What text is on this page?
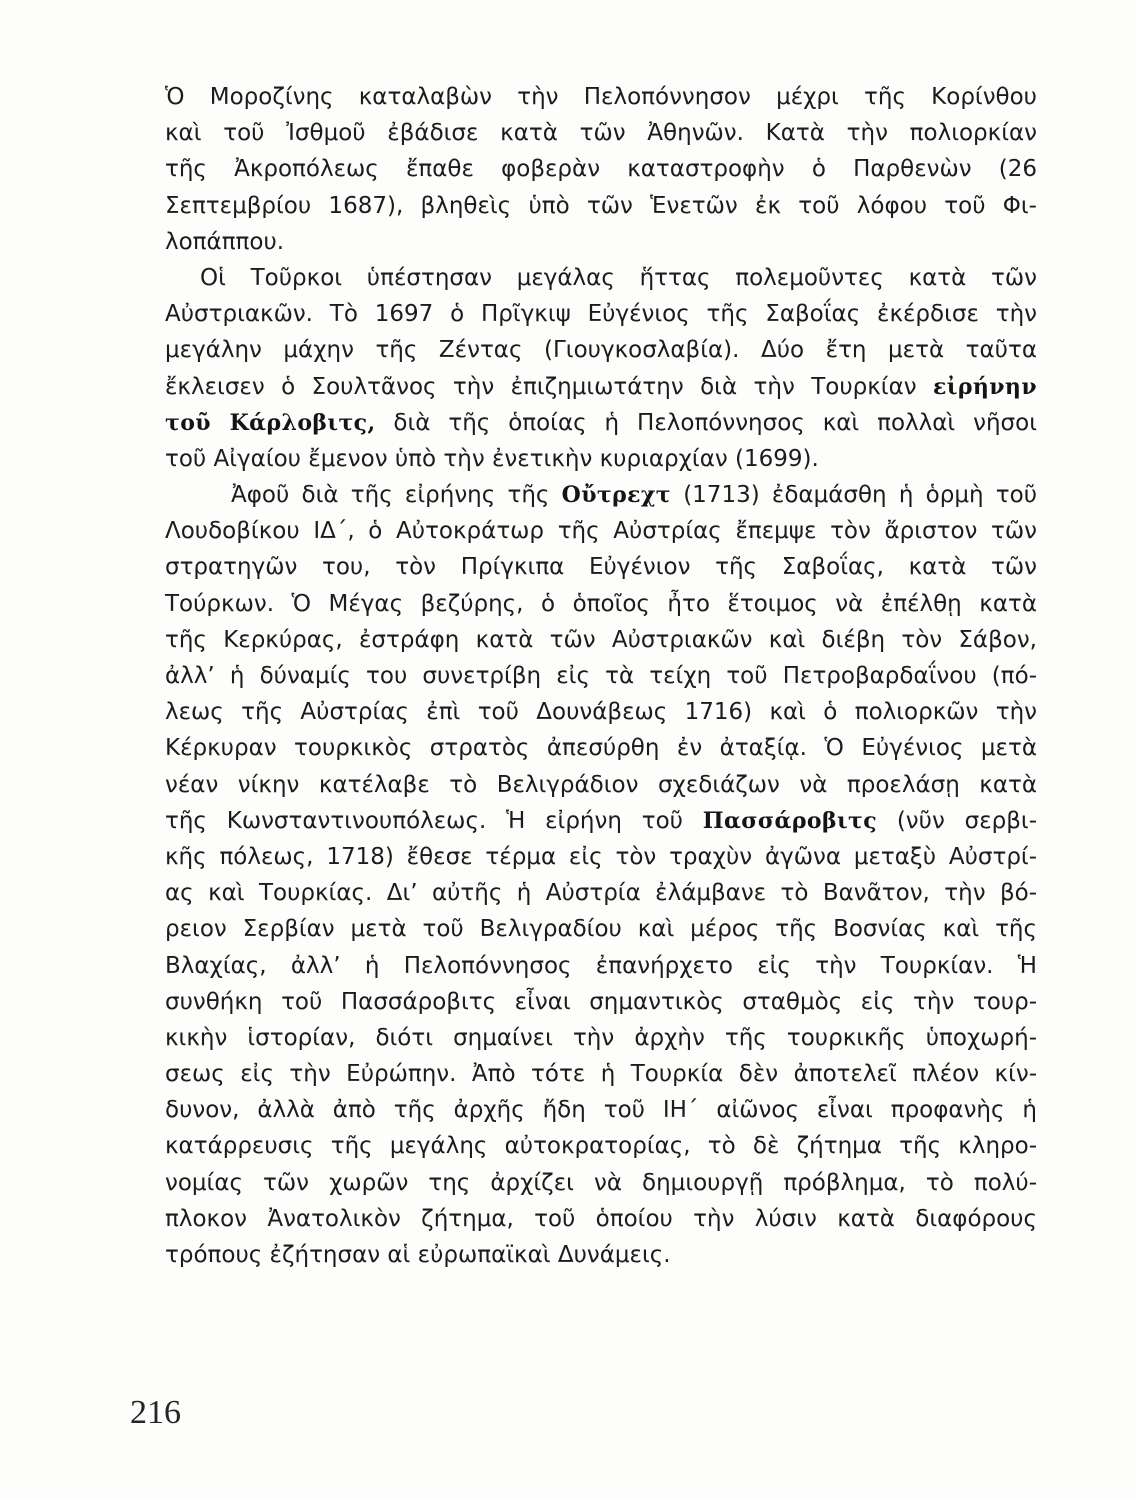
Ὁ Μοροζίνης καταλαβὼν τὴν Πελοπόννησον μέχρι τῆς Κορίνθου
καὶ τοῦ Ἰσθμοῦ ἐβάδισε κατὰ τῶν Ἀθηνῶν. Κατὰ τὴν πολιορκίαν
τῆς Ἀκροπόλεως ἔπαθε φοβερὰν καταστροφὴν ὁ Παρθενὼν (26
Σεπτεμβρίου 1687), βληθεὶς ὑπὸ τῶν Ἑνετῶν ἐκ τοῦ λόφου τοῦ Φι-
λοπάππου.
Οἱ Τοῦρκοι ὑπέστησαν μεγάλας ἥττας πολεμοῦντες κατὰ τῶν
Αὐστριακῶν. Τὸ 1697 ὁ Πρῖγκιψ Εὐγένιος τῆς Σαβοΐας ἐκέρδισε τὴν
μεγάλην μάχην τῆς Ζέντας (Γιουγκοσλαβία). Δύο ἔτη μετὰ ταῦτα
ἔκλεισεν ὁ Σουλτᾶνος τὴν ἐπιζημιωτάτην διὰ τὴν Τουρκίαν εἰρήνην
τοῦ Κάρλοβιτς, διὰ τῆς ὁποίας ἡ Πελοπόννησος καὶ πολλαὶ νῆσοι
τοῦ Αἰγαίου ἔμενον ὑπὸ τὴν ἐνετικὴν κυριαρχίαν (1699).
Ἀφοῦ διὰ τῆς εἰρήνης τῆς Οὔτρεχτ (1713) ἐδαμάσθη ἡ ὁρμὴ τοῦ
Λουδοβίκου ΙΔ΄, ὁ Αὐτοκράτωρ τῆς Αὐστρίας ἔπεμψε τὸν ἄριστον τῶν
στρατηγῶν του, τὸν Πρίγκιπα Εὐγένιον τῆς Σαβοΐας, κατὰ τῶν
Τούρκων. Ὁ Μέγας βεζύρης, ὁ ὁποῖος ἦτο ἕτοιμος νὰ ἐπέλθῃ κατὰ
τῆς Κερκύρας, ἐστράφη κατὰ τῶν Αὐστριακῶν καὶ διέβη τὸν Σάβον,
ἀλλ’ ἡ δύναμίς του συνετρίβη εἰς τὰ τείχη τοῦ Πετροβαρδαΐνου (πό-
λεως τῆς Αὐστρίας ἐπὶ τοῦ Δουνάβεως 1716) καὶ ὁ πολιορκῶν τὴν
Κέρκυραν τουρκικὸς στρατὸς ἀπεσύρθη ἐν ἀταξίᾳ. Ὁ Εὐγένιος μετὰ
νέαν νίκην κατέλαβε τὸ Βελιγράδιον σχεδιάζων νὰ προελάσῃ κατὰ
τῆς Κωνσταντινουπόλεως. Ἡ εἰρήνη τοῦ Πασσάροβιτς (νῦν σερβι-
κῆς πόλεως, 1718) ἔθεσε τέρμα εἰς τὸν τραχὺν ἀγῶνα μεταξὺ Αὐστρί-
ας καὶ Τουρκίας. Δι’ αὐτῆς ἡ Αὐστρία ἐλάμβανε τὸ Βανᾶτον, τὴν βό-
ρειον Σερβίαν μετὰ τοῦ Βελιγραδίου καὶ μέρος τῆς Βοσνίας καὶ τῆς
Βλαχίας, ἀλλ’ ἡ Πελοπόννησος ἐπανήρχετο εἰς τὴν Τουρκίαν. Ἡ
συνθήκη τοῦ Πασσάροβιτς εἶναι σημαντικὸς σταθμὸς εἰς τὴν τουρ-
κικὴν ἱστορίαν, διότι σημαίνει τὴν ἀρχὴν τῆς τουρκικῆς ὑποχωρή-
σεως εἰς τὴν Εὐρώπην. Ἀπὸ τότε ἡ Τουρκία δὲν ἀποτελεῖ πλέον κίν-
δυνον, ἀλλὰ ἀπὸ τῆς ἀρχῆς ἤδη τοῦ ΙΗ΄ αἰῶνος εἶναι προφανὴς ἡ
κατάρρευσις τῆς μεγάλης αὐτοκρατορίας, τὸ δὲ ζήτημα τῆς κληρο-
νομίας τῶν χωρῶν της ἀρχίζει νὰ δημιουργῇ πρόβλημα, τὸ πολύ-
πλοκον Ἀνατολικὸν ζήτημα, τοῦ ὁποίου τὴν λύσιν κατὰ διαφόρους
τρόπους ἐζήτησαν αἱ εὐρωπαϊκαὶ Δυνάμεις.
216
